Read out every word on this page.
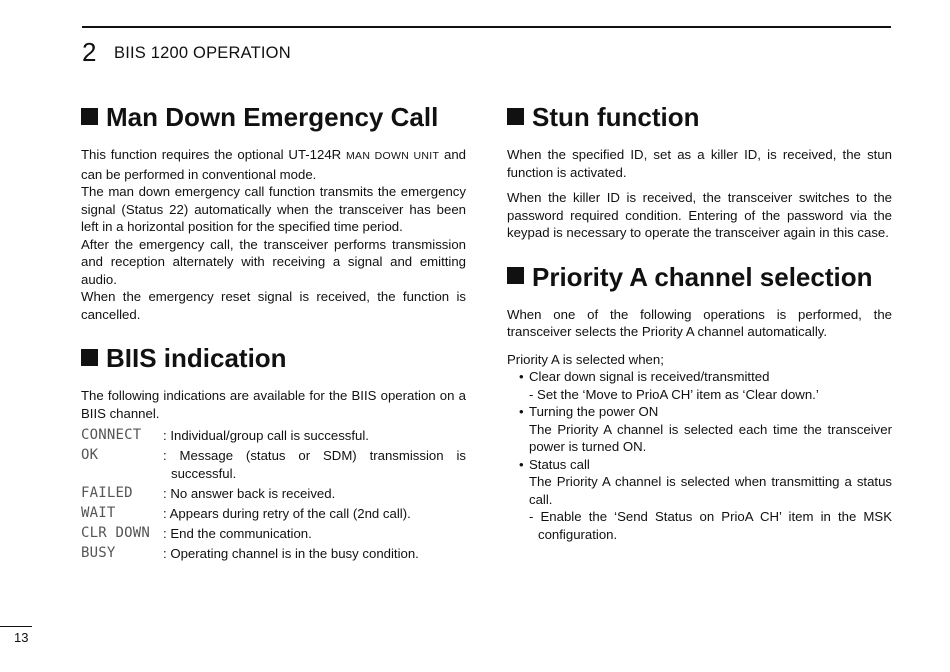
2 BIIS 1200 OPERATION
Man Down Emergency Call

This function requires the optional UT-124R MAN DOWN UNIT and can be performed in conventional mode.

The man down emergency call function transmits the emergency signal (Status 22) automatically when the transceiver has been left in a horizontal position for the specified time period.

After the emergency call, the transceiver performs transmission and reception alternately with receiving a signal and emitting audio.

When the emergency reset signal is received, the function is cancelled.

BIIS indication

The following indications are available for the BIIS operation on a BIIS channel.

CONNECT	: Individual/group call is successful.
OK	: Message (status or SDM) transmission is successful.
FAILED	: No answer back is received.
WAIT	: Appears during retry of the call (2nd call).
CLR DOWN : End the communication.
BUSY	: Operating channel is in the busy condition.
Stun function

When the specified ID, set as a killer ID, is received, the stun function is activated.

When the killer ID is received, the transceiver switches to the password required condition. Entering of the password via the keypad is necessary to operate the transceiver again in this case.

Priority A channel selection

When one of the following operations is performed, the transceiver selects the Priority A channel automatically.

Priority A is selected when;

• Clear down signal is received/transmitted
- Set the ‘Move to PrioA CH’ item as ‘Clear down.’
• Turning the power ON
The Priority A channel is selected each time the transceiver power is turned ON.
• Status call
The Priority A channel is selected when transmitting a status call.
- Enable the ‘Send Status on PrioA CH’ item in the MSK configuration.
13
